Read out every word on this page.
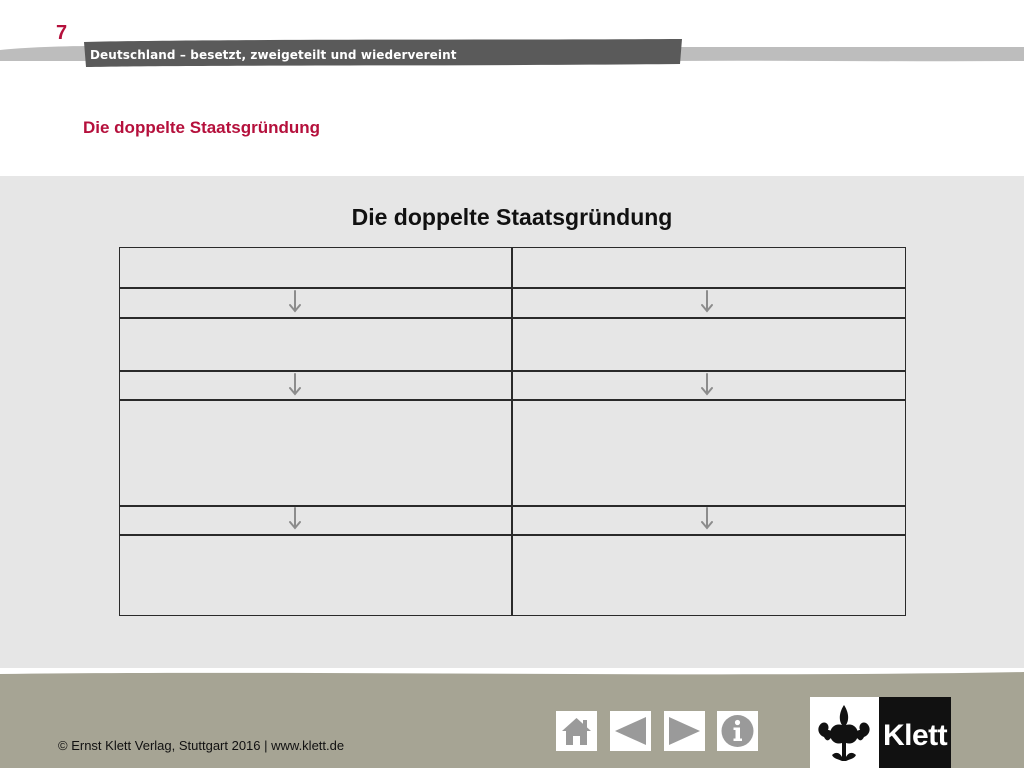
7
Deutschland – besetzt, zweigeteilt und wiedervereint
Die doppelte Staatsgründung
Die doppelte Staatsgründung
© Ernst Klett Verlag, Stuttgart 2016 | www.klett.de	Klett
